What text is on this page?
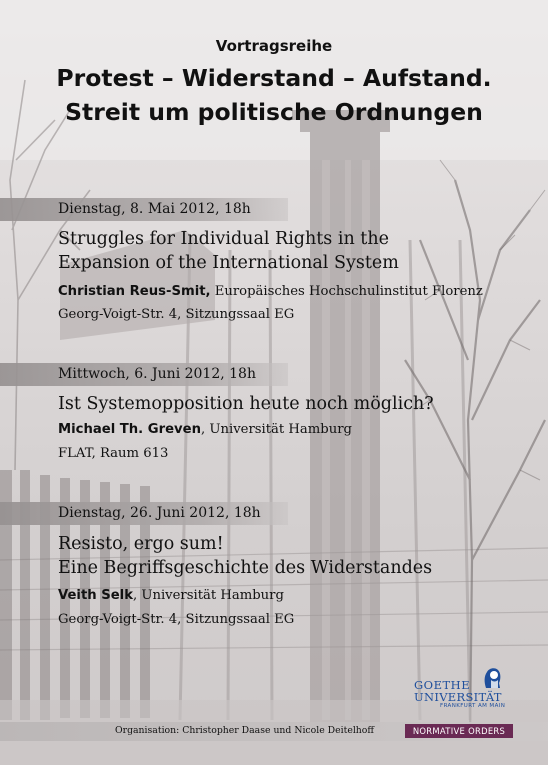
Vortragsreihe
Protest – Widerstand – Aufstand.
Streit um politische Ordnungen
Dienstag, 8. Mai 2012, 18h
Struggles for Individual Rights in the
Expansion of the International System
Christian Reus-Smit, Europäisches Hochschulinstitut Florenz
Georg-Voigt-Str. 4, Sitzungssaal EG
Mittwoch, 6. Juni 2012, 18h
Ist Systemopposition heute noch möglich?
Michael Th. Greven, Universität Hamburg
FLAT, Raum 613
Dienstag, 26. Juni 2012, 18h
Resisto, ergo sum!
Eine Begriffsgeschichte des Widerstandes
Veith Selk, Universität Hamburg
Georg-Voigt-Str. 4, Sitzungssaal EG
GOETHE
UNIVERSITÄT
FRANKFURT AM MAIN
Organisation: Christopher Daase und Nicole Deitelhoff	NORMATIVE ORDERS
